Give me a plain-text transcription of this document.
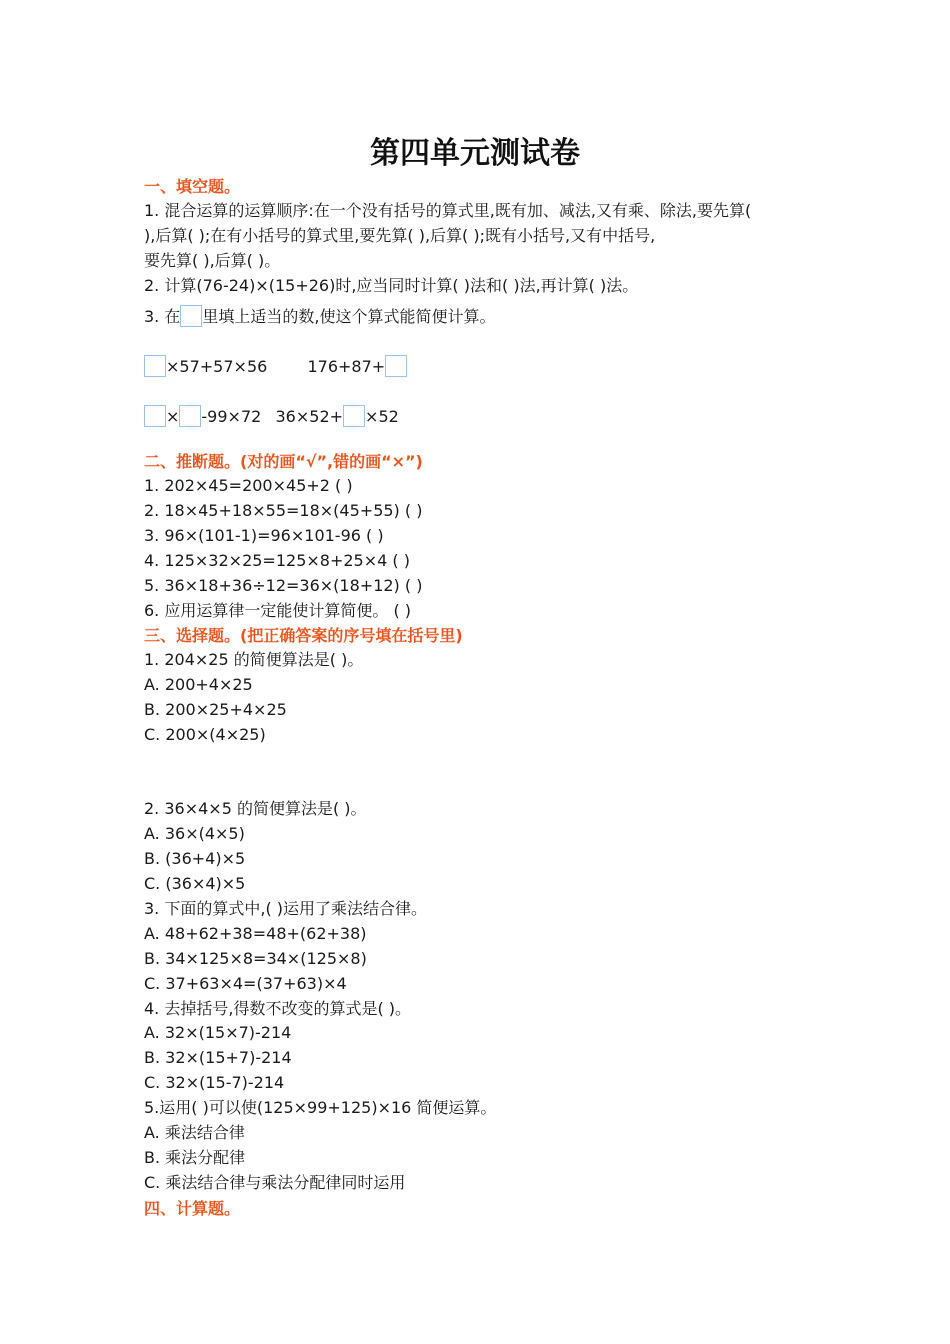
第四单元测试卷
一、填空题。
1. 混合运算的运算顺序:在一个没有括号的算式里,既有加、减法,又有乘、除法,要先算(
),后算( );在有小括号的算式里,要先算( ),后算( );既有小括号,又有中括号,
要先算( ),后算( )。
2. 计算(76-24)×(15+26)时,应当同时计算( )法和( )法,再计算( )法。
3. 在 里填上适当的数,使这个算式能简便计算。
×57+57×56	176+87+
× -99×72 36×52+ ×52
二、推断题。(对的画“√”,错的画“×”)
1. 202×45=200×45+2 ( )
2. 18×45+18×55=18×(45+55) ( )
3. 96×(101-1)=96×101-96 ( )
4. 125×32×25=125×8+25×4 ( )
5. 36×18+36÷12=36×(18+12) ( )
6. 应用运算律一定能使计算简便。 ( )
三、选择题。(把正确答案的序号填在括号里)
1. 204×25 的简便算法是( )。
A. 200+4×25
B. 200×25+4×25
C. 200×(4×25)
2. 36×4×5 的简便算法是( )。
A. 36×(4×5)
B. (36+4)×5
C. (36×4)×5
3. 下面的算式中,( )运用了乘法结合律。
A. 48+62+38=48+(62+38)
B. 34×125×8=34×(125×8)
C. 37+63×4=(37+63)×4
4. 去掉括号,得数不改变的算式是( )。
A. 32×(15×7)-214
B. 32×(15+7)-214
C. 32×(15-7)-214
5.运用( )可以使(125×99+125)×16 简便运算。
A. 乘法结合律
B. 乘法分配律
C. 乘法结合律与乘法分配律同时运用
四、计算题。
